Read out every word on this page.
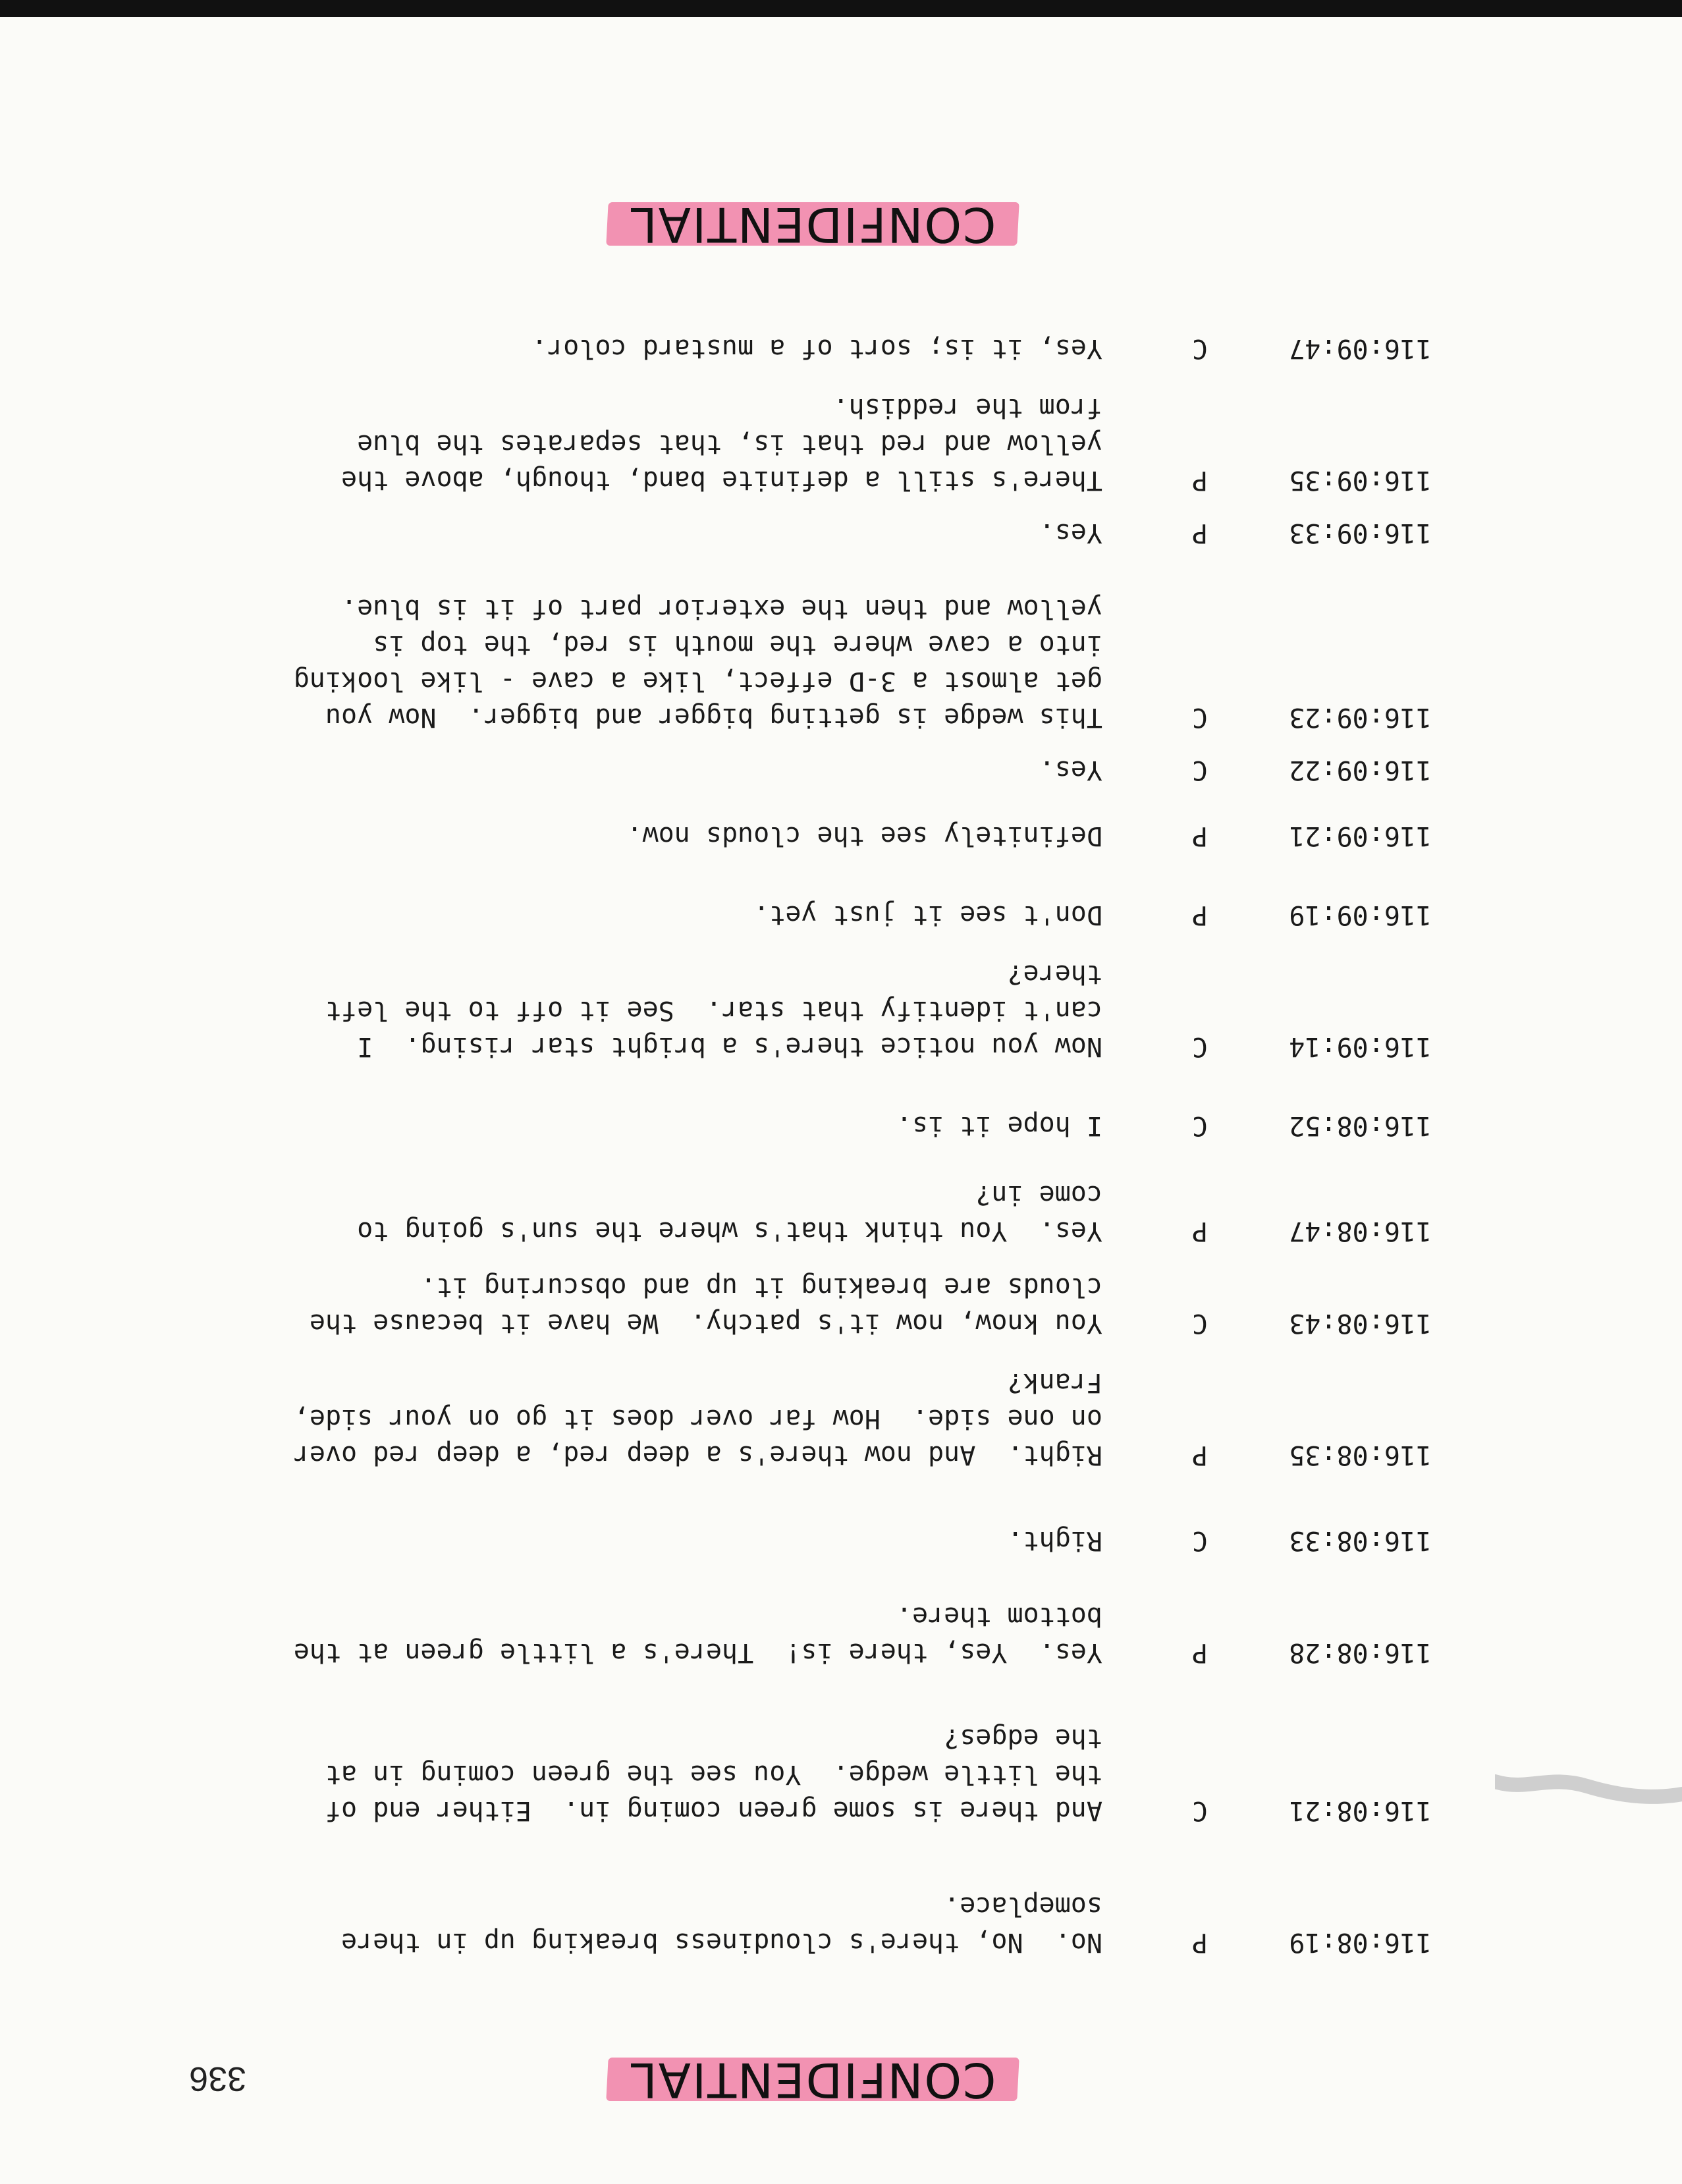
336	CONFIDENTIAL
116:08:19
P
No.  No, there's cloudiness breaking up in there
someplace.
116:08:21
C
And there is some green coming in.  Either end of
the little wedge.  You see the green coming in at
the edges?
116:08:28
P
Yes.  Yes, there is!  There's a little green at the
bottom there.
116:08:33
C
Right.
116:08:35
P
Right.  And now there's a deep red, a deep red over
on one side.  How far over does it go on your side,
Frank?
116:08:43
C
You know, now it's patchy.  We have it because the
clouds are breaking it up and obscuring it.
116:08:47
P
Yes.  You think that's where the sun's going to
come in?
116:08:52
C
I hope it is.
116:09:14
C
Now you notice there's a bright star rising.  I
can't identify that star.  See it off to the left
there?
116:09:19
P
Don't see it just yet.
116:09:21
P
Definitely see the clouds now.
116:09:22
C
Yes.
116:09:23
C
This wedge is getting bigger and bigger.  Now you
get almost a 3-D effect, like a cave - like looking
into a cave where the mouth is red, the top is
yellow and then the exterior part of it is blue.
116:09:33
P
Yes.
116:09:35
P
There's still a definite band, though, above the
yellow and red that is, that separates the blue
from the reddish.
116:09:47
C
Yes, it is; sort of a mustard color.
CONFIDENTIAL
